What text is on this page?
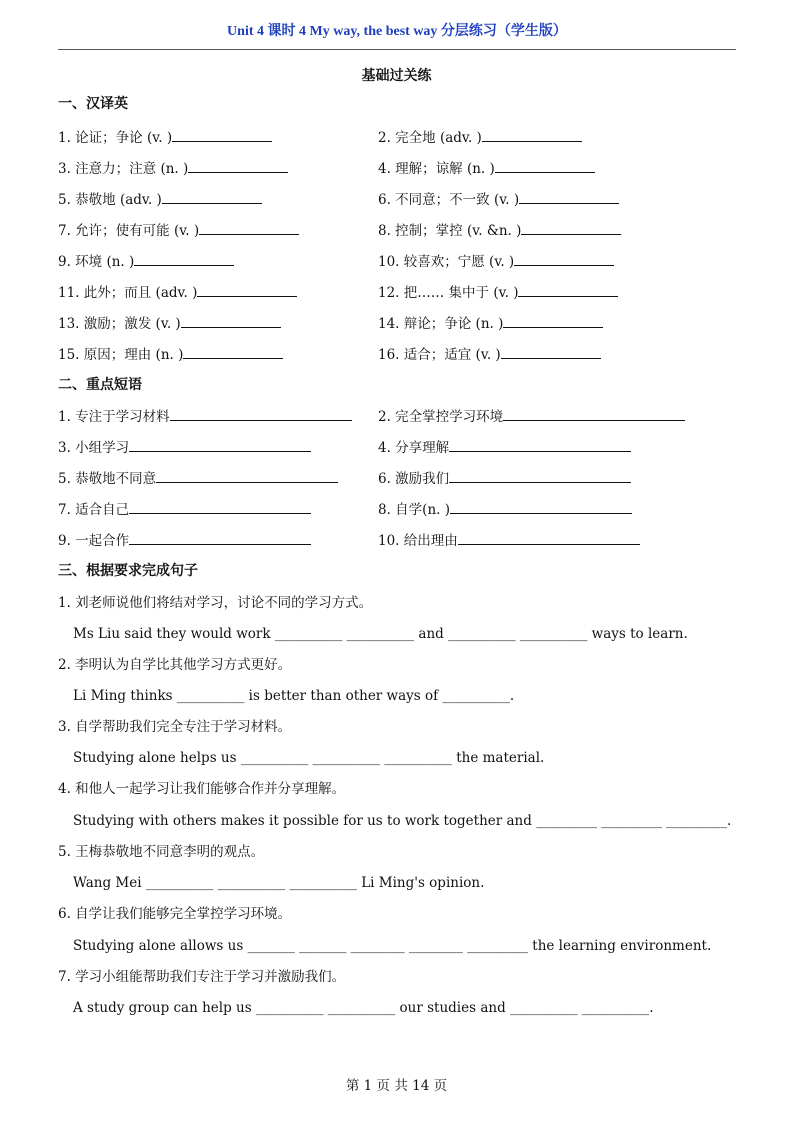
Unit 4 课时 4 My way, the best way 分层练习（学生版）
基础过关练
一、汉译英
1. 论证；争论 (v. )	2. 完全地 (adv. )
3. 注意力；注意 (n. )	4. 理解；谅解 (n. )
5. 恭敬地 (adv. )	6. 不同意；不一致 (v. )
7. 允许；使有可能 (v. )	8. 控制；掌控 (v. &n. )
9. 环境 (n. )	10. 较喜欢；宁愿 (v. )
11. 此外；而且 (adv. )	12. 把…… 集中于 (v. )
13. 激励；激发 (v. )	14. 辩论；争论 (n. )
15. 原因；理由 (n. )	16. 适合；适宜 (v. )
二、重点短语
1. 专注于学习材料	2. 完全掌控学习环境
3. 小组学习	4. 分享理解
5. 恭敬地不同意	6. 激励我们
7. 适合自己	8. 自学(n. )
9. 一起合作	10. 给出理由
三、根据要求完成句子
1. 刘老师说他们将结对学习，讨论不同的学习方式。
Ms Liu said they would work __________ __________ and __________ __________ ways to learn.
2. 李明认为自学比其他学习方式更好。
Li Ming thinks __________ is better than other ways of __________.
3. 自学帮助我们完全专注于学习材料。
Studying alone helps us __________ __________ __________ the material.
4. 和他人一起学习让我们能够合作并分享理解。
Studying with others makes it possible for us to work together and _________ _________ _________.
5. 王梅恭敬地不同意李明的观点。
Wang Mei __________ __________ __________ Li Ming's opinion.
6. 自学让我们能够完全掌控学习环境。
Studying alone allows us _______ _______ ________ ________ _________ the learning environment.
7. 学习小组能帮助我们专注于学习并激励我们。
A study group can help us __________ __________ our studies and __________ __________.
第 1 页 共 14 页
